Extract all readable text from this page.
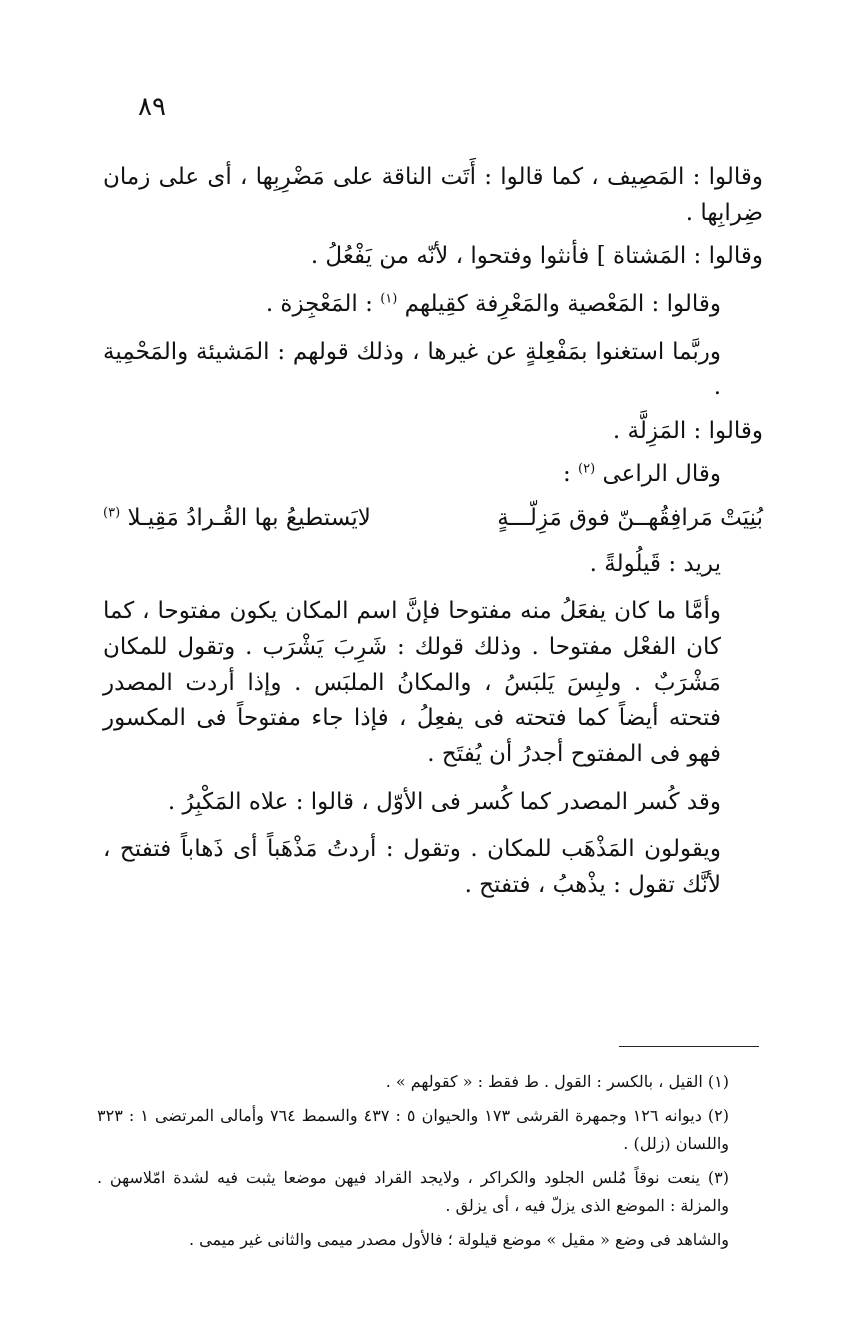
٨٩

وقالوا : المَصِيف ، كما قالوا : أَتَت الناقة على مَضْرِبِها ، أى على زمان ضِرابِها .

وقالوا : المَشتاة ] فأنثوا وفتحوا ، لأنّه من يَفْعُلُ .

وقالوا : المَعْصية والمَعْرِفة كقِيلهم $^{(١)}$ : المَعْجِزة .

وربَّما استغنوا بمَفْعِلةٍ عن غيرها ، وذلك قولهم : المَشيئة والمَحْمِية .

وقالوا : المَزِلَّة .

وقال الراعى $^{(٢)}$ :

بُنِيَتْ مَرافِقُهــنّ فوق مَزِلّـــةٍ
لايَستطيعُ بها القُـرادُ مَقِيـلا $^{(٣)}$

يريد : قَيلُولةً .

وأمَّا ما كان يفعَلُ منه مفتوحا فإنَّ اسم المكان يكون مفتوحا ، كما كان الفعْل مفتوحا . وذلك قولك : شَرِبَ يَشْرَب . وتقول للمكان مَشْرَبٌ . ولبِسَ يَلبَسُ ، والمكانُ الملبَس . وإذا أردت المصدر فتحته أيضاً كما فتحته فى يفعِلُ ، فإذا جاء مفتوحاً فى المكسور فهو فى المفتوح أجدرُ أن يُفتَح .

وقد كُسر المصدر كما كُسر فى الأوّل ، قالوا : علاه المَكْبِرُ .

ويقولون المَذْهَب للمكان . وتقول : أردتُ مَذْهَباً أى ذَهاباً فتفتح ، لأنَّك تقول : يذْهبُ ، فتفتح .

(١) القيل ، بالكسر : القول . ط فقط : « كقولهم » .

(٢) ديوانه ١٢٦ وجمهرة القرشى ١٧٣ والحيوان ٥ : ٤٣٧ والسمط ٧٦٤ وأمالى المرتضى ١ : ٣٢٣ واللسان (زلل) .

(٣) ينعت نوقاً مُلس الجلود والكراكر ، ولايجد القراد فيهن موضعا يثبت فيه لشدة امّلاسهن . والمزلة : الموضع الذى يزلّ فيه ، أى يزلق .

والشاهد فى وضع « مقيل » موضع قيلولة ؛ فالأول مصدر ميمى والثانى غير ميمى .
